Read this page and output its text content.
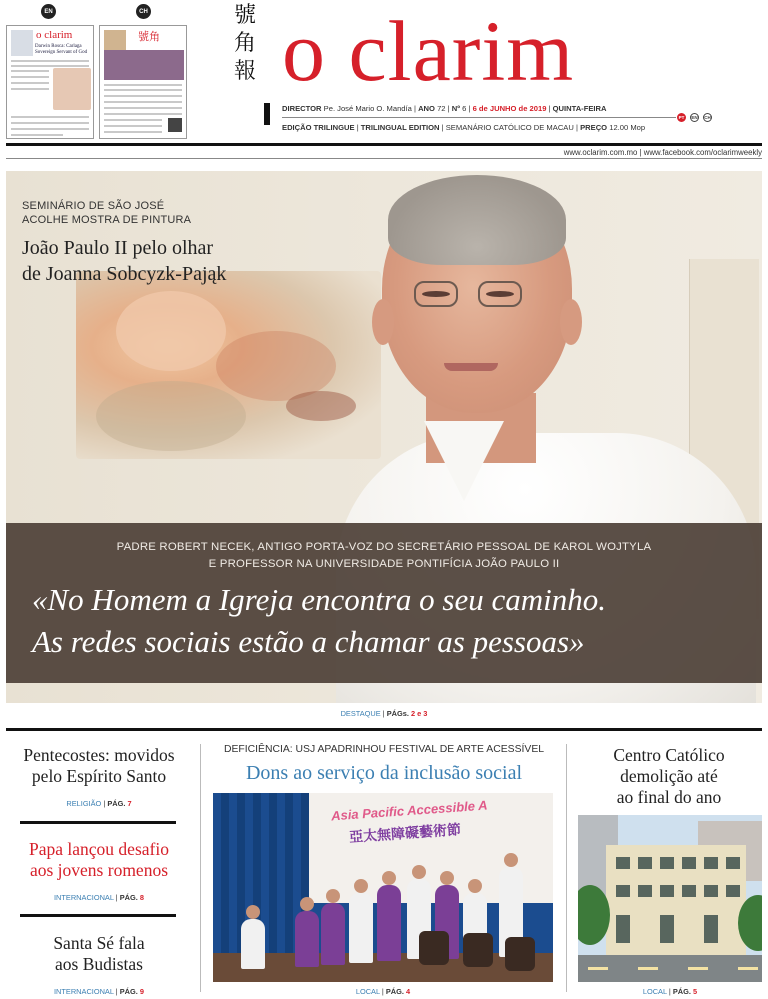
EN	CH
o clarim
Darwin Rosca: Carlaga Sovereign Servant of God
號角
號
角
報 o clarim
DIRECTOR Pe. José Mario O. Mandía | ANO 72 | Nº 6 | 6 de JUNHO de 2019 | QUINTA-FEIRA
PT	EN	CH
EDIÇÃO TRILINGUE | TRILINGUAL EDITION | SEMANÁRIO CATÓLICO DE MACAU | PREÇO 12.00 Mop
www.oclarim.com.mo | www.facebook.com/oclarimweekly
SEMINÁRIO DE SÃO JOSÉ
ACOLHE MOSTRA DE PINTURA
João Paulo II pelo olhar
de Joanna Sobcyzk-Pająk
PADRE ROBERT NECEK, ANTIGO PORTA-VOZ DO SECRETÁRIO PESSOAL DE KAROL WOJTYLA
E PROFESSOR NA UNIVERSIDADE PONTIFÍCIA JOÃO PAULO II
«No Homem a Igreja encontra o seu caminho.
As redes sociais estão a chamar as pessoas»
DESTAQUE | PÁGs. 2 e 3
Pentecostes: movidos
pelo Espírito Santo
RELIGIÃO | PÁG. 7
Papa lançou desafio
aos jovens romenos
INTERNACIONAL | PÁG. 8
Santa Sé fala
aos Budistas
INTERNACIONAL | PÁG. 9
DEFICIÊNCIA: USJ APADRINHOU FESTIVAL DE ARTE ACESSÍVEL
Dons ao serviço da inclusão social
Asia Pacific Accessible A
亞太無障礙藝術節
LOCAL | PÁG. 4
Centro Católico
demolição até
ao final do ano
LOCAL | PÁG. 5
